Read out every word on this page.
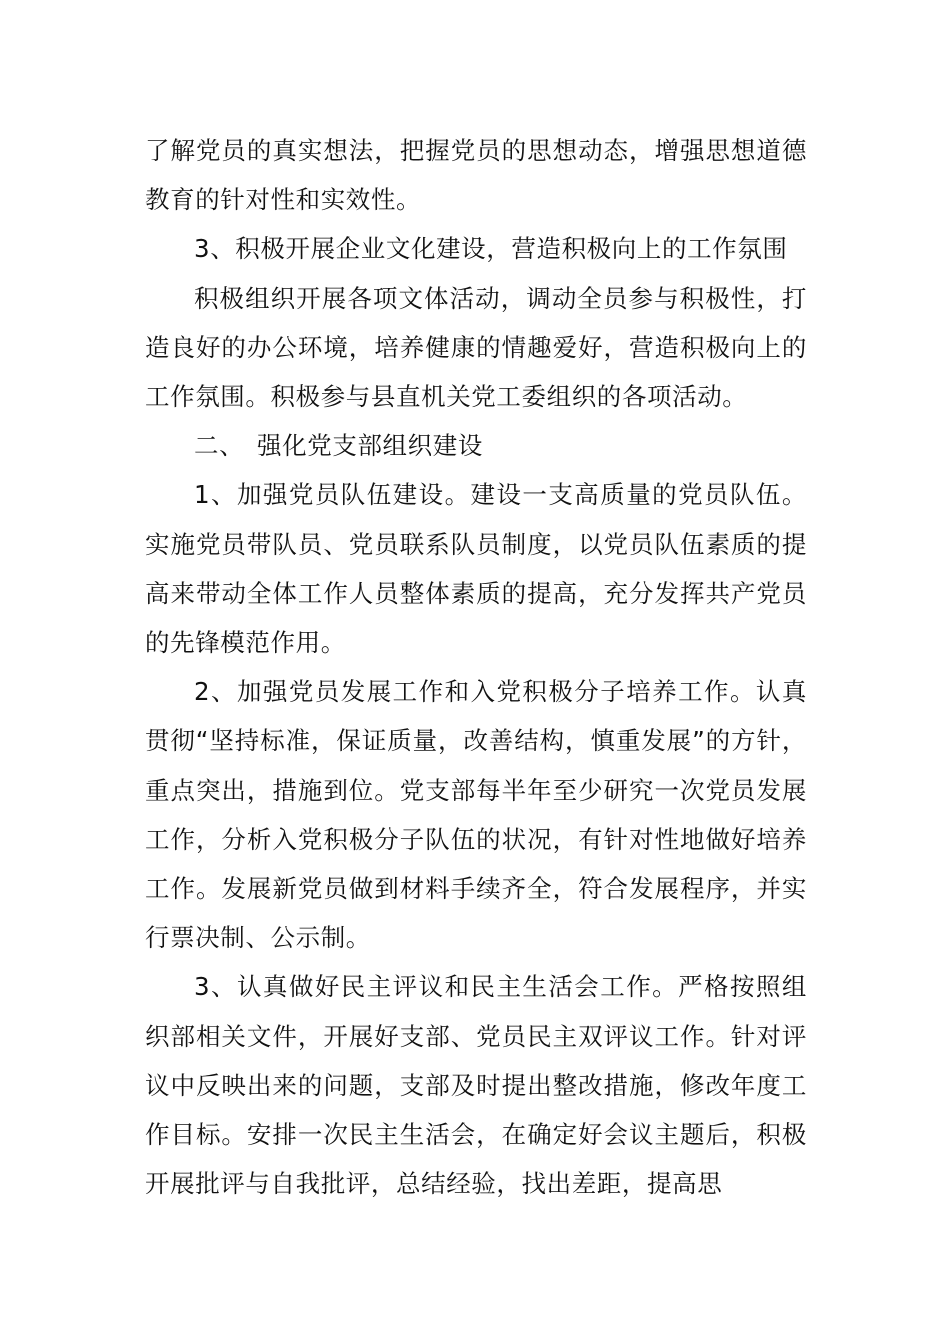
了解党员的真实想法，把握党员的思想动态，增强思想道德教育的针对性和实效性。

3、积极开展企业文化建设，营造积极向上的工作氛围

积极组织开展各项文体活动，调动全员参与积极性，打造良好的办公环境，培养健康的情趣爱好，营造积极向上的工作氛围。积极参与县直机关党工委组织的各项活动。

二、　强化党支部组织建设

1、加强党员队伍建设。建设一支高质量的党员队伍。实施党员带队员、党员联系队员制度，以党员队伍素质的提高来带动全体工作人员整体素质的提高，充分发挥共产党员的先锋模范作用。

2、加强党员发展工作和入党积极分子培养工作。认真贯彻“坚持标准，保证质量，改善结构，慎重发展”的方针，重点突出，措施到位。党支部每半年至少研究一次党员发展工作，分析入党积极分子队伍的状况，有针对性地做好培养工作。发展新党员做到材料手续齐全，符合发展程序，并实行票决制、公示制。

3、认真做好民主评议和民主生活会工作。严格按照组织部相关文件，开展好支部、党员民主双评议工作。针对评议中反映出来的问题，支部及时提出整改措施，修改年度工作目标。安排一次民主生活会，在确定好会议主题后，积极开展批评与自我批评，总结经验，找出差距，提高思
